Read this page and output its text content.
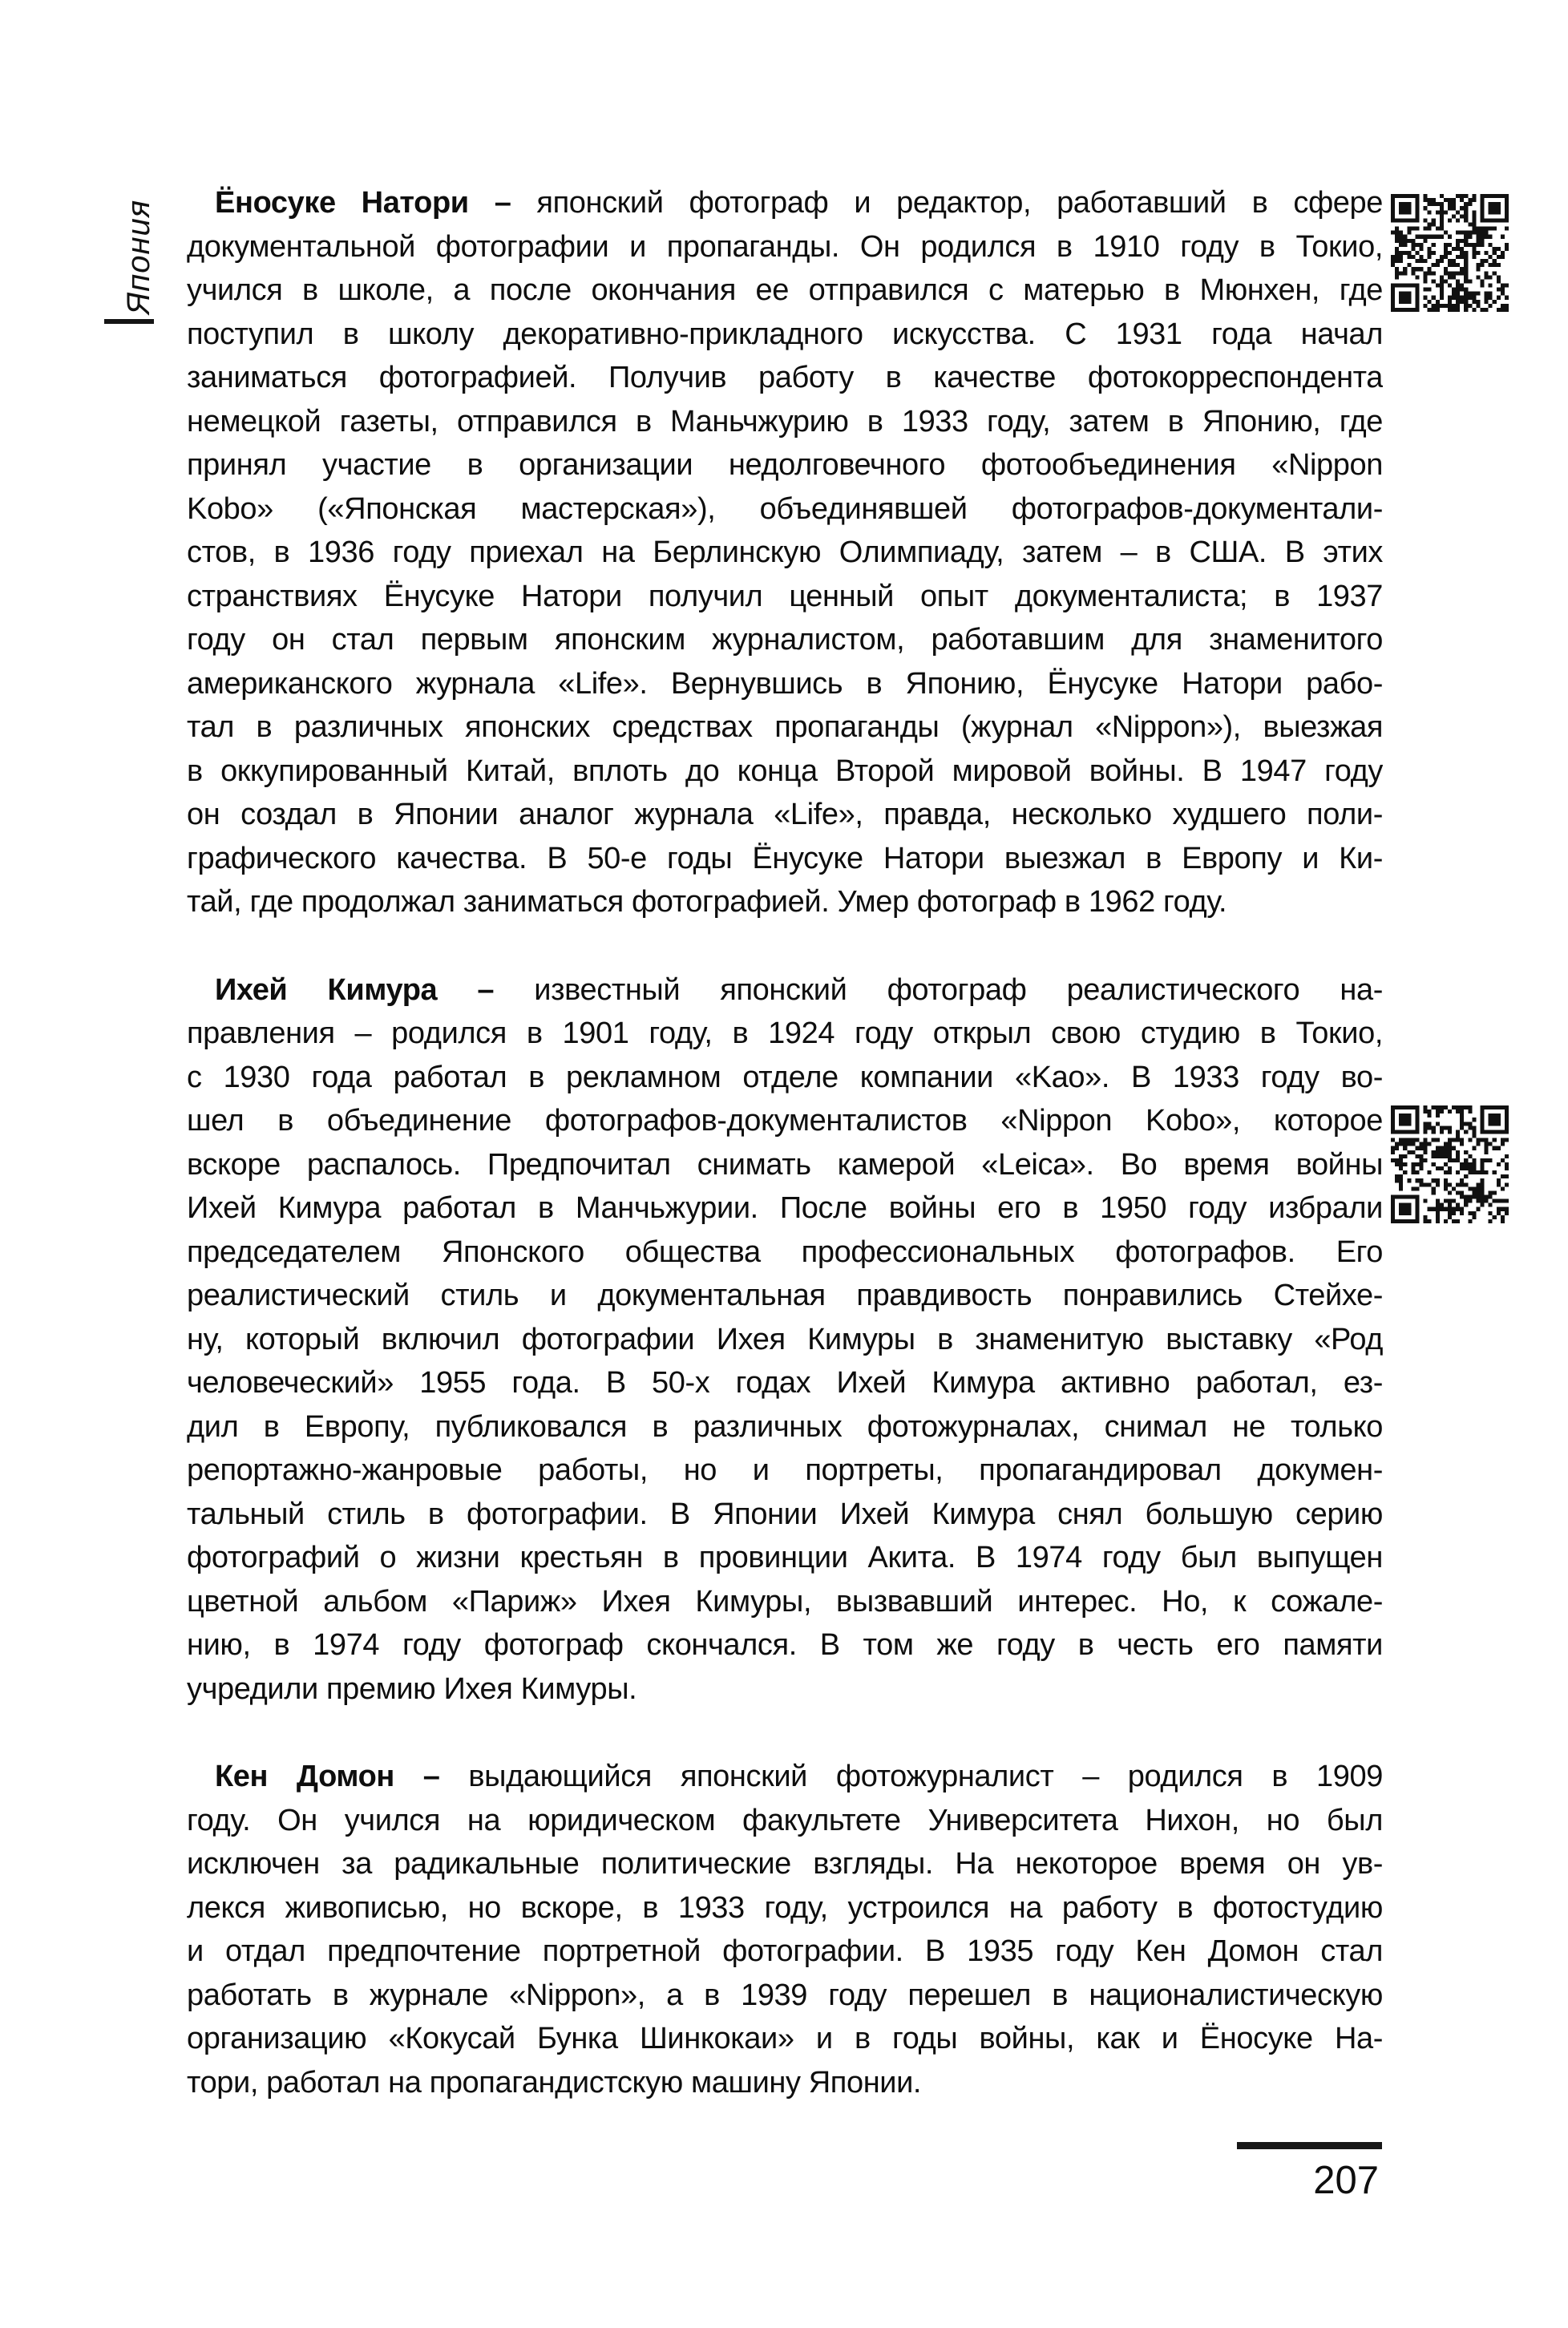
Япония	Ёносуке Натори – японский фотограф и редактор, работавший в сфере
документальной фотографии и пропаганды. Он родился в 1910 году в Токио,
учился в школе, а после окончания ее отправился с матерью в Мюнхен, где
поступил в школу декоративно-прикладного искусства. С 1931 года начал
заниматься фотографией. Получив работу в качестве фотокорреспондента
немецкой газеты, отправился в Маньчжурию в 1933 году, затем в Японию, где
принял участие в организации недолговечного фотообъединения «Nippon
Kobo» («Японская мастерская»), объединявшей фотографов-документали-
стов, в 1936 году приехал на Берлинскую Олимпиаду, затем – в США. В этих
странствиях Ёнусуке Натори получил ценный опыт документалиста; в 1937
году он стал первым японским журналистом, работавшим для знаменитого
американского журнала «Life». Вернувшись в Японию, Ёнусуке Натори рабо-
тал в различных японских средствах пропаганды (журнал «Nippon»), выезжая
в оккупированный Китай, вплоть до конца Второй мировой войны. В 1947 году
он создал в Японии аналог журнала «Life», правда, несколько худшего поли-
графического качества. В 50-е годы Ёнусуке Натори выезжал в Европу и Ки-
тай, где продолжал заниматься фотографией. Умер фотограф в 1962 году.
Ихей Кимура – известный японский фотограф реалистического на-
правления – родился в 1901 году, в 1924 году открыл свою студию в Токио,
с 1930 года работал в рекламном отделе компании «Kao». В 1933 году во-
шел в объединение фотографов-документалистов «Nippon Kobo», которое
вскоре распалось. Предпочитал снимать камерой «Leica». Во время войны
Ихей Кимура работал в Манчьжурии. После войны его в 1950 году избрали
председателем Японского общества профессиональных фотографов. Его
реалистический стиль и документальная правдивость понравились Стейхе-
ну, который включил фотографии Ихея Кимуры в знаменитую выставку «Род
человеческий» 1955 года. В 50-х годах Ихей Кимура активно работал, ез-
дил в Европу, публиковался в различных фотожурналах, снимал не только
репортажно-жанровые работы, но и портреты, пропагандировал докумен-
тальный стиль в фотографии. В Японии Ихей Кимура снял большую серию
фотографий о жизни крестьян в провинции Акита. В 1974 году был выпущен
цветной альбом «Париж» Ихея Кимуры, вызвавший интерес. Но, к сожале-
нию, в 1974 году фотограф скончался. В том же году в честь его памяти
учредили премию Ихея Кимуры.
Кен Домон – выдающийся японский фотожурналист – родился в 1909
году. Он учился на юридическом факультете Университета Нихон, но был
исключен за радикальные политические взгляды. На некоторое время он ув-
лекся живописью, но вскоре, в 1933 году, устроился на работу в фотостудию
и отдал предпочтение портретной фотографии. В 1935 году Кен Домон стал
работать в журнале «Nippon», а в 1939 году перешел в националистическую
организацию «Кокусай Бунка Шинкокаи» и в годы войны, как и Ёносуке На-
тори, работал на пропагандистскую машину Японии.
207
